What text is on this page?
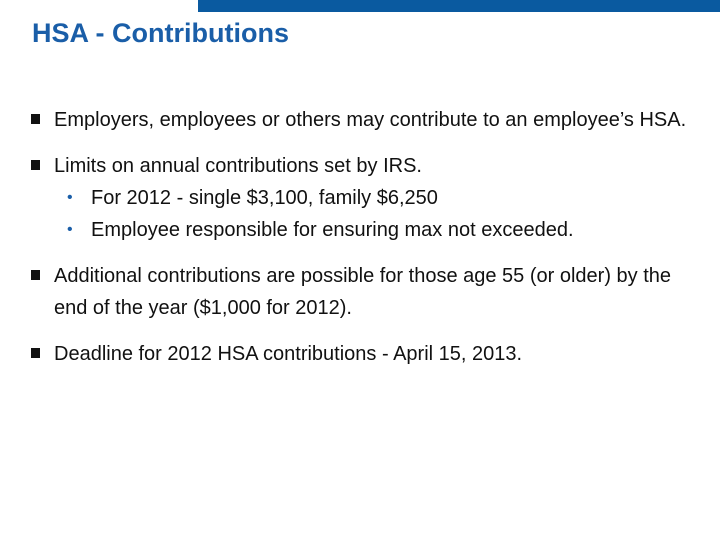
HSA - Contributions
Employers, employees or others may contribute to an employee’s HSA.
Limits on annual contributions set by IRS.
• For 2012 - single $3,100, family $6,250
• Employee responsible for ensuring max not exceeded.
Additional contributions are possible for those age 55 (or older) by the end of the year ($1,000 for 2012).
Deadline for 2012 HSA contributions - April 15, 2013.
